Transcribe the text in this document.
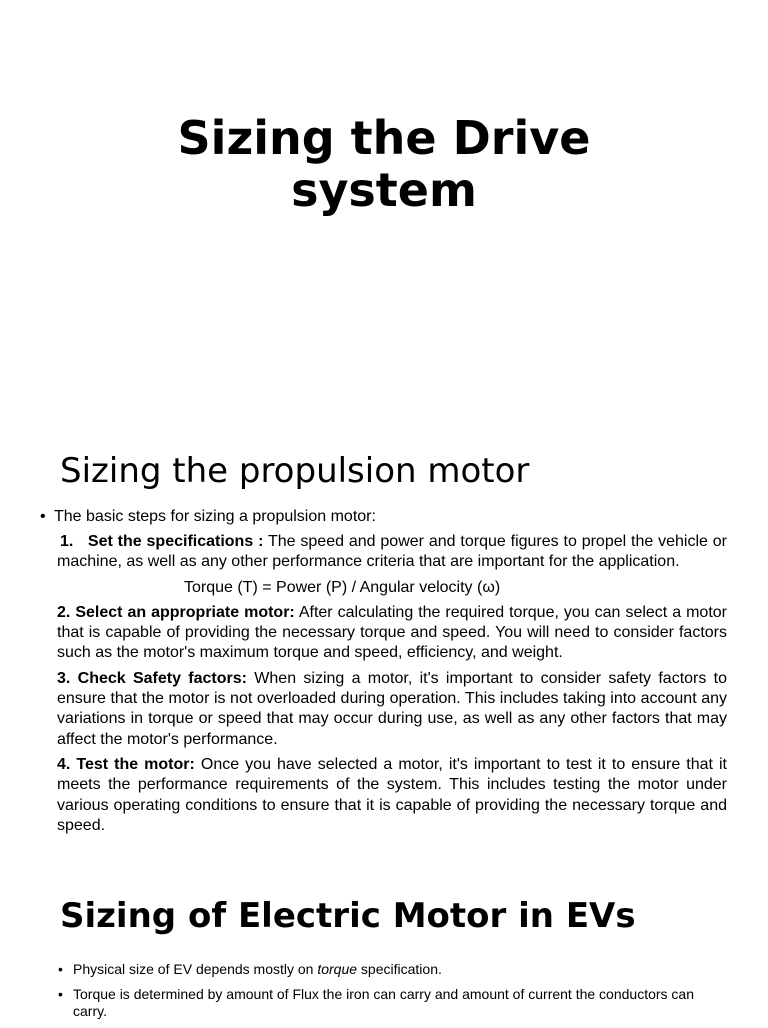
Sizing the Drive
system
Sizing the propulsion motor
• The basic steps for sizing a propulsion motor:

1. Set the specifications : The speed and power and torque figures to propel the vehicle or machine, as well as any other performance criteria that are important for the application.

Torque (T) = Power (P) / Angular velocity (ω)

2. Select an appropriate motor: After calculating the required torque, you can select a motor that is capable of providing the necessary torque and speed. You will need to consider factors such as the motor's maximum torque and speed, efficiency, and weight.

3. Check Safety factors: When sizing a motor, it's important to consider safety factors to ensure that the motor is not overloaded during operation. This includes taking into account any variations in torque or speed that may occur during use, as well as any other factors that may affect the motor's performance.

4. Test the motor: Once you have selected a motor, it's important to test it to ensure that it meets the performance requirements of the system. This includes testing the motor under various operating conditions to ensure that it is capable of providing the necessary torque and speed.

Sizing of Electric Motor in EVs
• Physical size of EV depends mostly on torque specification.
• Torque is determined by amount of Flux the iron can carry and amount of current the conductors can carry.
